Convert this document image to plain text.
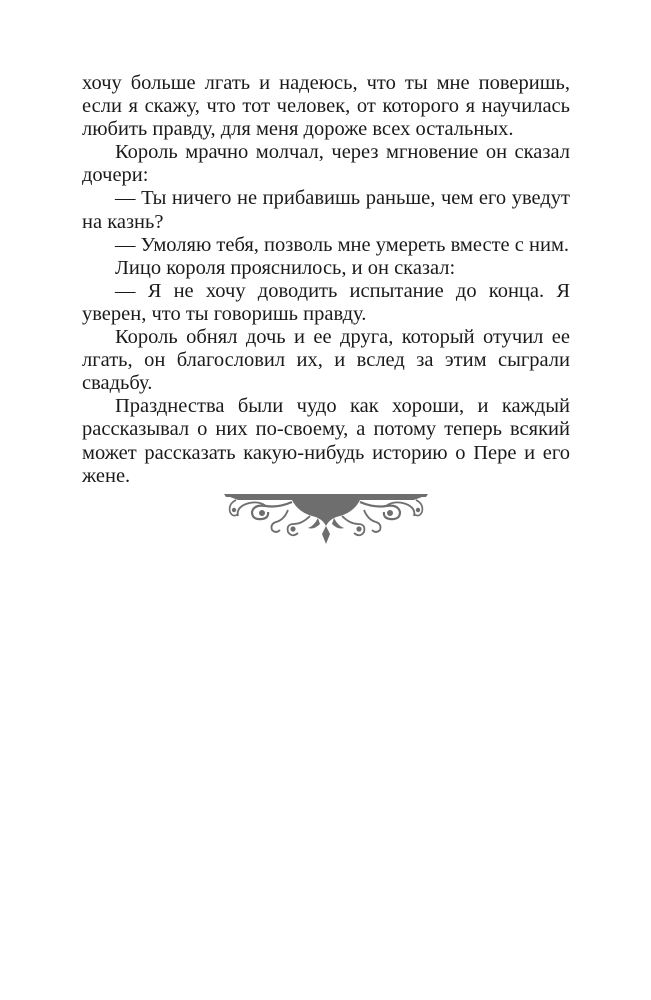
хочу больше лгать и надеюсь, что ты мне поверишь, если я скажу, что тот человек, от которого я научилась любить правду, для меня дороже всех остальных.

Король мрачно молчал, через мгновение он сказал дочери:

— Ты ничего не прибавишь раньше, чем его уведут на казнь?

— Умоляю тебя, позволь мне умереть вместе с ним.

Лицо короля прояснилось, и он сказал:

— Я не хочу доводить испытание до конца. Я уверен, что ты говоришь правду.

Король обнял дочь и ее друга, который отучил ее лгать, он благословил их, и вслед за этим сыграли свадьбу.

Празднества были чудо как хороши, и каждый рассказывал о них по-своему, а потому теперь всякий может рассказать какую-нибудь историю о Пере и его жене.
